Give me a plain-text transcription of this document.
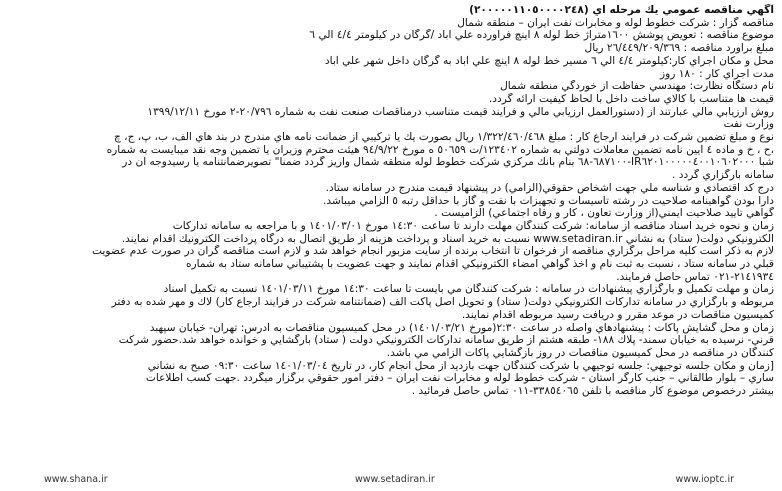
آگهي مناقصه عمومي يك مرحله اي (٢٠٠٠٠٠١١٠٥٠٠٠٠٢٤٨)
مناقصه گزار : شركت خطوط لوله و مخابرات نفت ايران – منطقه شمال
موضوع مناقصه : تعويض پوشش ١٦٠٠متراژ خط لوله ٨ اينچ فرآورده علي آباد /گرگان در كيلومتر ٤/٤ الي ٦
مبلغ برآورد مناقصه : ٢٦/٤٤٩/٢٠٩/٣٦٩ ريال
محل و مكان اجراي كار:كيلومتر ٤/٤ الي ٦ مسير خط لوله ٨ اينچ علي آباد به گرگان داخل شهر علي آباد
مدت اجراي كار : ١٨٠ روز
نام دستگاه نظارت: مهندسي حفاظت از خوردگي منطقه شمال
قيمت ها متناسب با كالاي ساخت داخل با لحاظ كيفيت ارائه گردد.
روش ارزيابي مالي عبارتند از (دستورالعمل ارزيابي مالي و فرايند قيمت متناسب درمناقصات صنعت نفت به شماره ٢٠/٧٩٦-٢ مورخ ١٣٩٩/١٢/١١
وزارت نفت
نوع و مبلغ تضمين شركت در فرآيند ارجاع كار : مبلغ ١/٣٢٢/٤٦٠/٤٦٨ ريال بصورت يك يا تركيبي از ضمانت نامه هاي مندرج در بند هاي الف، ب، پ، ج، چ
،ح ، خ و ماده ٤ آيين نامه تضمين معاملات دولتي به شماره ١٢٣٤٠٢/ت ٥٠٦٥٩ ه مورخ ٩٤/٩/٢٢ هيئت محترم وزيران يا تضمين وجه نقد ميبايست به شماره
شبا IR٦٢٠١٠٠٠٠٠٤٠٠١٠٦٠٢٠٠٠-٦٨٧١٠٠-٦٨ بنام بانك مركزي شركت خطوط لوله منطقه شمال واريز گردد ضمنا" تصويرضمانتنامه يا رسيدوجه آن در
سامانه بارگزاري گردد .
درج كد اقتصادي و شناسه ملي جهت اشخاص حقوقي(الزامي) در پيشنهاد قيمت مندرج در سامانه ستاد.
دارا بودن گواهينامه صلاحيت در رشته تاسيسات و تجهيزات با نفت و گاز با حداقل رتبه ٥ الزامي ميباشد.
گواهي تاييد صلاحيت ايمني(از وزارت تعاون ، كار و رفاه اجتماعي) الزاميست .
زمان و نحوه خريد اسناد مناقصه از سامانه: شركت كنندگان مهلت دارند تا ساعت ١٤:٣٠ مورخ ١٤٠١/٠٣/٠١ و با مراجعه به سامانه تداركات
الكترونيكي دولت( ستاد) به نشاني www.setadiran.ir نسبت به خريد اسناد و پرداخت هزينه از طريق اتصال به درگاه پرداخت الكترونيك اقدام نمايند.
لازم به ذكر است كليه مراحل برگزاري مناقصه از فرخوان تا انتخاب برنده از سايت مزبور انجام خواهد شد و لازم است مناقصه گران در صورت عدم عضويت
قبلي در سامانه ستاد ، نسبت به ثبت نام و اخذ گواهي امضاء الكترونيكي اقدام نمايند و جهت عضويت با پشتيباني سامانه ستاد به شماره
٢١٤١٩٣٤-٠٢١ تماس حاصل فرمايند.
زمان و مهلت تكميل و بارگزاري پيشنهادات در سامانه : شركت كنندگان مي بايست تا ساعت ١٤:٣٠ مورخ ١٤٠١/٠٣/١١ نسبت به تكميل اسناد
مربوطه و بارگزاري در سامانه تداركات الكترونيكي دولت( ستاد) و تحويل اصل پاكت الف (ضمانتنامه شركت در فرآيند ارجاع كار) لاك و مهر شده به دفتر
كميسيون مناقصات در موعد مقرر و دريافت رسيد مربوطه اقدام نمايند.
زمان و محل گشايش پاكات : پيشنهادهاي واصله در ساعت ٢:٣٠(مورخ ١٤٠١/٠٣/٢١) در محل كميسيون مناقصات به آدرس: تهران- خيابان سپهبد
قرني- نرسيده به خيابان سمند- پلاك ١٨٨- طبقه هشتم از طريق سامانه تداركات الكترونيكي دولت ( ستاد) بارگشايي و خوانده خواهد شد.حضور شركت
كنندگان در مناقصه در محل كميسيون مناقصات در روز بازگشايي پاكات الزامي مي باشد.
[زمان و مكان جلسه توجيهي: جلسه توجيهي با شركت كنندگان جهت بازديد از محل انجام كار، در تاريخ ١٤٠١/٠٣/٠٤ ساعت ٠٩:٣٠ صبح به نشاني
ساري – بلوار طالقاني – جنب كارگر آستان - شركت خطوط لوله و مخابرات نفت ايران – دفتر امور حقوقي برگزار ميگردد .جهت كسب اطلاعات
بيشتر درخصوص موضوع كار مناقصه با تلفن ٣٣٨٥٤٠٦٥-٠١١ تماس حاصل فرمائيد .
www.shana.ir	www.setadiran.ir	www.ioptc.ir
